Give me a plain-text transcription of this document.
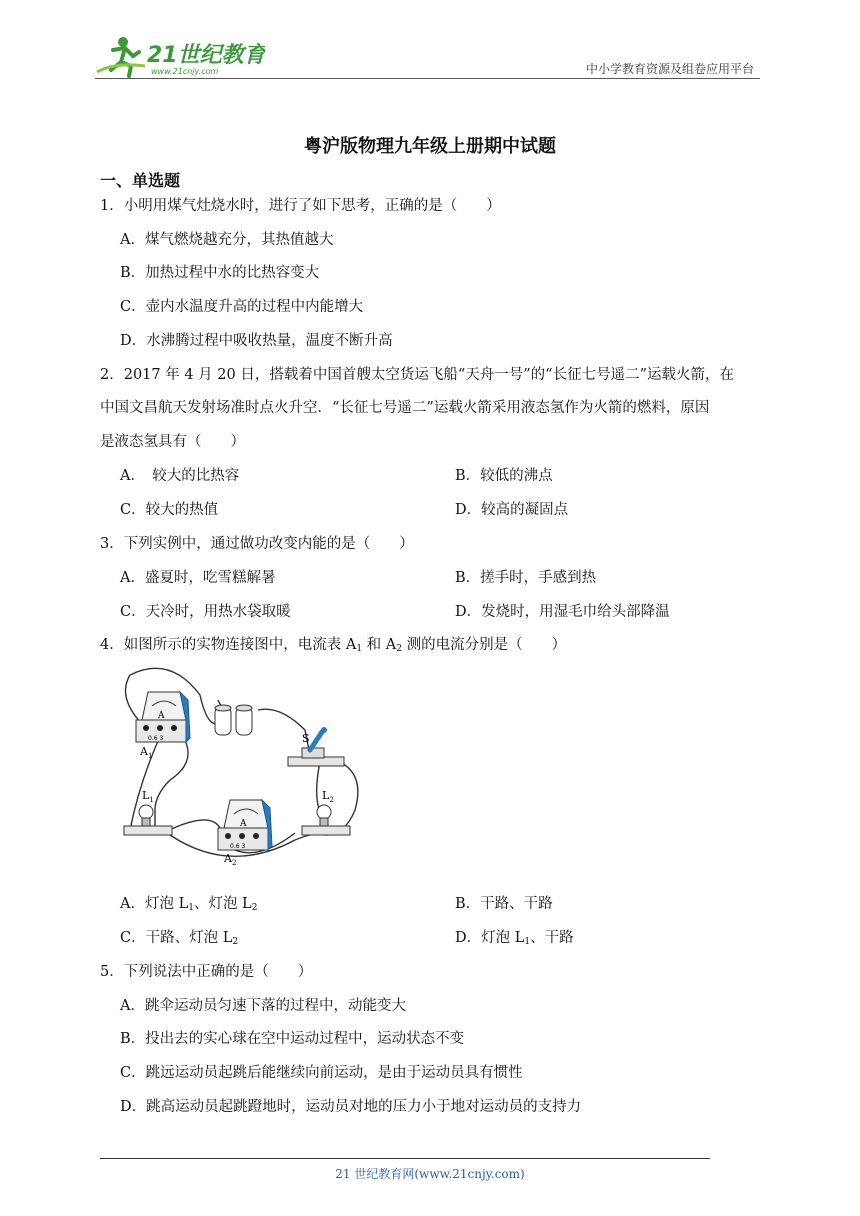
21世纪教育
www.21cnjy.com	中小学教育资源及组卷应用平台
粤沪版物理九年级上册期中试题
一、单选题
1．小明用煤气灶烧水时，进行了如下思考，正确的是（　　）
A．煤气燃烧越充分，其热值越大
B．加热过程中水的比热容变大
C．壶内水温度升高的过程中内能增大
D．水沸腾过程中吸收热量，温度不断升高
2．2017 年 4 月 20 日，搭载着中国首艘太空货运飞船“天舟一号”的“长征七号遥二”运载火箭，在
中国文昌航天发射场准时点火升空．“长征七号遥二”运载火箭采用液态氢作为火箭的燃料，原因
是液态氢具有（　　）
A．　较大的比热容	B．较低的沸点
C．较大的热值	D．较高的凝固点
3．下列实例中，通过做功改变内能的是（　　）
A．盛夏时，吃雪糕解暑	B．搓手时，手感到热
C．天冷时，用热水袋取暖	D．发烧时，用湿毛巾给头部降温
4．如图所示的实物连接图中，电流表 $A_1$ 和 $A_2$ 测的电流分别是（　　）
A
0.6 3
$A_1$
S
$L_1$	$L_2$
A
0.6 3
$A_2$
A．灯泡 $L_1$、灯泡 $L_2$	B．干路、干路
C．干路、灯泡 $L_2$	D．灯泡 $L_1$、干路
5．下列说法中正确的是（　　）
A．跳伞运动员匀速下落的过程中，动能变大
B．投出去的实心球在空中运动过程中，运动状态不变
C．跳远运动员起跳后能继续向前运动，是由于运动员具有惯性
D．跳高运动员起跳蹬地时，运动员对地的压力小于地对运动员的支持力
21 世纪教育网(www.21cnjy.com)
